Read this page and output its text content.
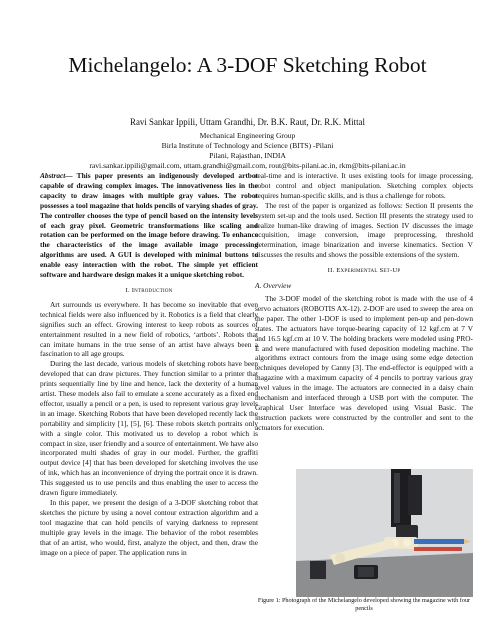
Michelangelo: A 3-DOF Sketching Robot
Ravi Sankar Ippili, Uttam Grandhi, Dr. B.K. Raut, Dr. R.K. Mittal
Mechanical Engineering Group
Birla Institute of Technology and Science (BITS) -Pilani
Pilani, Rajasthan, INDIA
ravi.sankar.ippili@gmail.com, uttam.grandhi@gmail.com, rout@bits-pilani.ac.in, rkm@bits-pilani.ac.in

Abstract— This paper presents an indigenously developed artbot capable of drawing complex images. The innovativeness lies in the capacity to draw images with multiple gray values. The robot possesses a tool magazine that holds pencils of varying shades of gray. The controller chooses the type of pencil based on the intensity levels of each gray pixel. Geometric transformations like scaling and rotation can be performed on the image before drawing. To enhance the characteristics of the image available image processing algorithms are used. A GUI is developed with minimal buttons to enable easy interaction with the robot. The simple yet efficient software and hardware design makes it a unique sketching robot.

I. Introduction

Art surrounds us everywhere. It has become so inevitable that even technical fields were also influenced by it. Robotics is a field that clearly signifies such an effect. Growing interest to keep robots as sources of entertainment resulted in a new field of robotics, ‘artbots’. Robots that can imitate humans in the true sense of an artist have always been a fascination to all age groups.

During the last decade, various models of sketching robots have been developed that can draw pictures. They function similar to a printer that prints sequentially line by line and hence, lack the dexterity of a human artist. These models also fail to emulate a scene accurately as a fixed end effector, usually a pencil or a pen, is used to represent various gray levels in an image. Sketching Robots that have been developed recently lack the portability and simplicity [1], [5], [6]. These robots sketch portraits only with a single color. This motivated us to develop a robot which is compact in size, user friendly and a source of entertainment. We have also incorporated multi shades of gray in our model. Further, the graffiti output device [4] that has been developed for sketching involves the use of ink, which has an inconvenience of drying the portrait once it is drawn. This suggested us to use pencils and thus enabling the user to access the drawn figure immediately.

In this paper, we present the design of a 3-DOF sketching robot that sketches the picture by using a novel contour extraction algorithm and a tool magazine that can hold pencils of varying darkness to represent multiple gray levels in the image. The behavior of the robot resembles that of an artist, who would, first, analyze the object, and then, draw the image on a piece of paper. The application runs in

real-time and is interactive. It uses existing tools for image processing, robot control and object manipulation. Sketching complex objects requires human-specific skills, and is thus a challenge for robots.

The rest of the paper is organized as follows: Section II presents the system set-up and the tools used. Section III presents the strategy used to realize human-like drawing of images. Section IV discusses the image acquisition, image conversion, image preprocessing, threshold determination, image binarization and inverse kinematics. Section V discusses the results and shows the possible extensions of the system.

II. Experimental Set-Up
A. Overview

The 3-DOF model of the sketching robot is made with the use of 4 servo actuators (ROBOTIS AX-12). 2-DOF are used to sweep the area on the paper. The other 1-DOF is used to implement pen-up and pen-down states. The actuators have torque-bearing capacity of 12 kgf.cm at 7 V and 16.5 kgf.cm at 10 V. The holding brackets were modeled using PRO-E and were manufactured with fused deposition modeling machine. The algorithms extract contours from the image using some edge detection techniques developed by Canny [3]. The end-effector is equipped with a magazine with a maximum capacity of 4 pencils to portray various gray level values in the image. The actuators are connected in a daisy chain mechanism and interfaced through a USB port with the computer. The Graphical User Interface was developed using Visual Basic. The instruction packets were constructed by the controller and sent to the actuators for execution.

Figure 1: Photograph of the Michelangelo developed showing the magazine with four pencils
